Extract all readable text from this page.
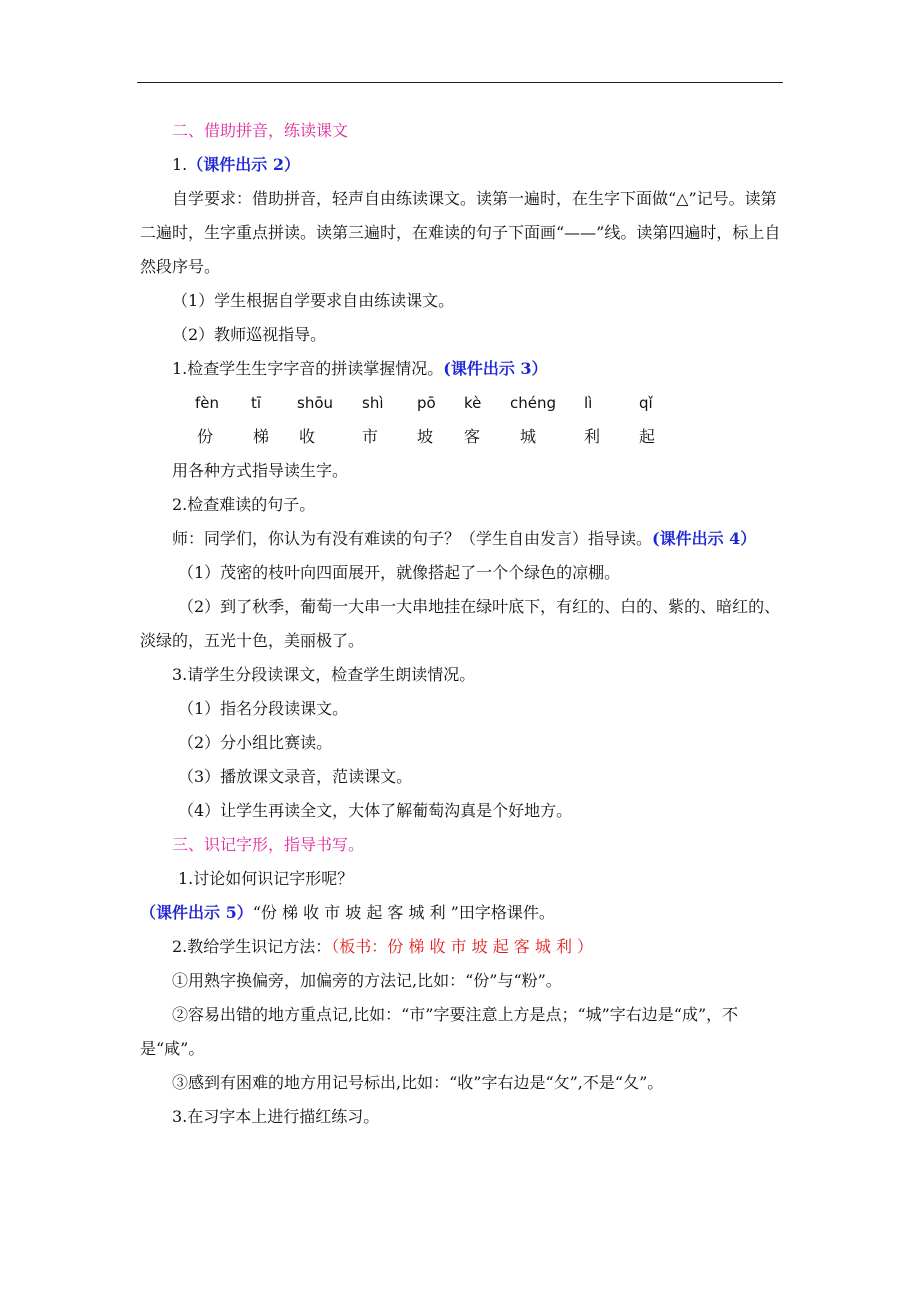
二、借助拼音，练读课文

1.（课件出示 2）

自学要求：借助拼音，轻声自由练读课文。读第一遍时，在生字下面做“△”记号。读第二遍时，生字重点拼读。读第三遍时，在难读的句子下面画“——”线。读第四遍时，标上自然段序号。

（1）学生根据自学要求自由练读课文。

（2）教师巡视指导。

1.检查学生生字字音的拼读掌握情况。(课件出示 3）

fèn tī shōu shì pō kè chéng lì	qǐ
份 梯 收	市 坡 客 城	利 起

用各种方式指导读生字。

2.检查难读的句子。

师：同学们，你认为有没有难读的句子？（学生自由发言）指导读。(课件出示 4）

（1）茂密的枝叶向四面展开，就像搭起了一个个绿色的凉棚。

（2）到了秋季，葡萄一大串一大串地挂在绿叶底下，有红的、白的、紫的、暗红的、淡绿的，五光十色，美丽极了。

3.请学生分段读课文，检查学生朗读情况。

（1）指名分段读课文。

（2）分小组比赛读。

（3）播放课文录音，范读课文。

（4）让学生再读全文，大体了解葡萄沟真是个好地方。

三、识记字形，指导书写。

1.讨论如何识记字形呢？

（课件出示 5）“份 梯 收 市 坡 起 客 城 利 ”田字格课件。

2.教给学生识记方法：（板书：份 梯 收 市 坡 起 客 城 利 ）

①用熟字换偏旁，加偏旁的方法记,比如：“份”与“粉”。

②容易出错的地方重点记,比如：“市”字要注意上方是点；“城”字右边是“成”，不是“咸”。

③感到有困难的地方用记号标出,比如：“收”字右边是“攵”,不是“夂”。

3.在习字本上进行描红练习。
